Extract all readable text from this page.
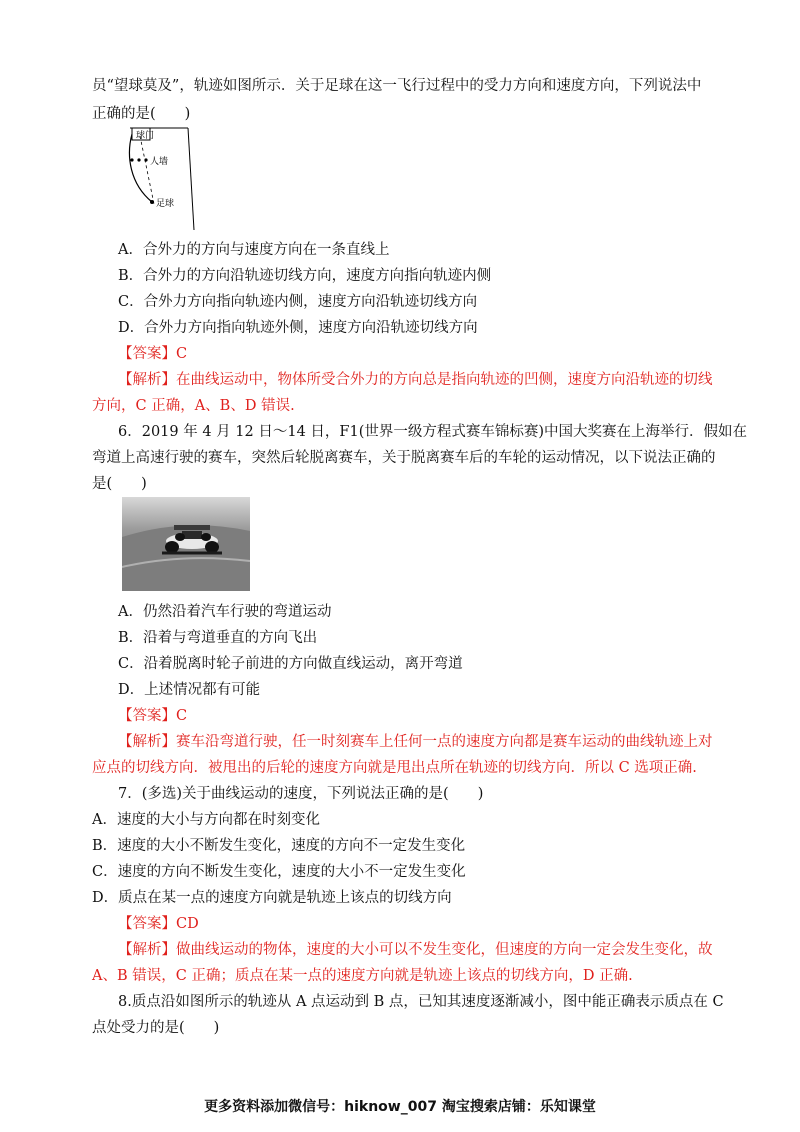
员“望球莫及”，轨迹如图所示．关于足球在这一飞行过程中的受力方向和速度方向，下列说法中
正确的是(　　)
球门
人墙
足球
A．合外力的方向与速度方向在一条直线上
B．合外力的方向沿轨迹切线方向，速度方向指向轨迹内侧
C．合外力方向指向轨迹内侧，速度方向沿轨迹切线方向
D．合外力方向指向轨迹外侧，速度方向沿轨迹切线方向
【答案】C
【解析】在曲线运动中，物体所受合外力的方向总是指向轨迹的凹侧，速度方向沿轨迹的切线
方向，C 正确，A、B、D 错误.
6．2019 年 4 月 12 日～14 日，F1(世界一级方程式赛车锦标赛)中国大奖赛在上海举行．假如在
弯道上高速行驶的赛车，突然后轮脱离赛车，关于脱离赛车后的车轮的运动情况，以下说法正确的
是(　　)
A．仍然沿着汽车行驶的弯道运动
B．沿着与弯道垂直的方向飞出
C．沿着脱离时轮子前进的方向做直线运动，离开弯道
D．上述情况都有可能
【答案】C
【解析】赛车沿弯道行驶，任一时刻赛车上任何一点的速度方向都是赛车运动的曲线轨迹上对
应点的切线方向．被甩出的后轮的速度方向就是甩出点所在轨迹的切线方向．所以 C 选项正确.
7．(多选)关于曲线运动的速度，下列说法正确的是(　　)
A．速度的大小与方向都在时刻变化
B．速度的大小不断发生变化，速度的方向不一定发生变化
C．速度的方向不断发生变化，速度的大小不一定发生变化
D．质点在某一点的速度方向就是轨迹上该点的切线方向
【答案】CD
【解析】做曲线运动的物体，速度的大小可以不发生变化，但速度的方向一定会发生变化，故
A、B 错误，C 正确；质点在某一点的速度方向就是轨迹上该点的切线方向，D 正确.
8.质点沿如图所示的轨迹从 A 点运动到 B 点，已知其速度逐渐减小，图中能正确表示质点在 C
点处受力的是(　　)
更多资料添加微信号：hiknow_007 淘宝搜索店铺：乐知课堂
